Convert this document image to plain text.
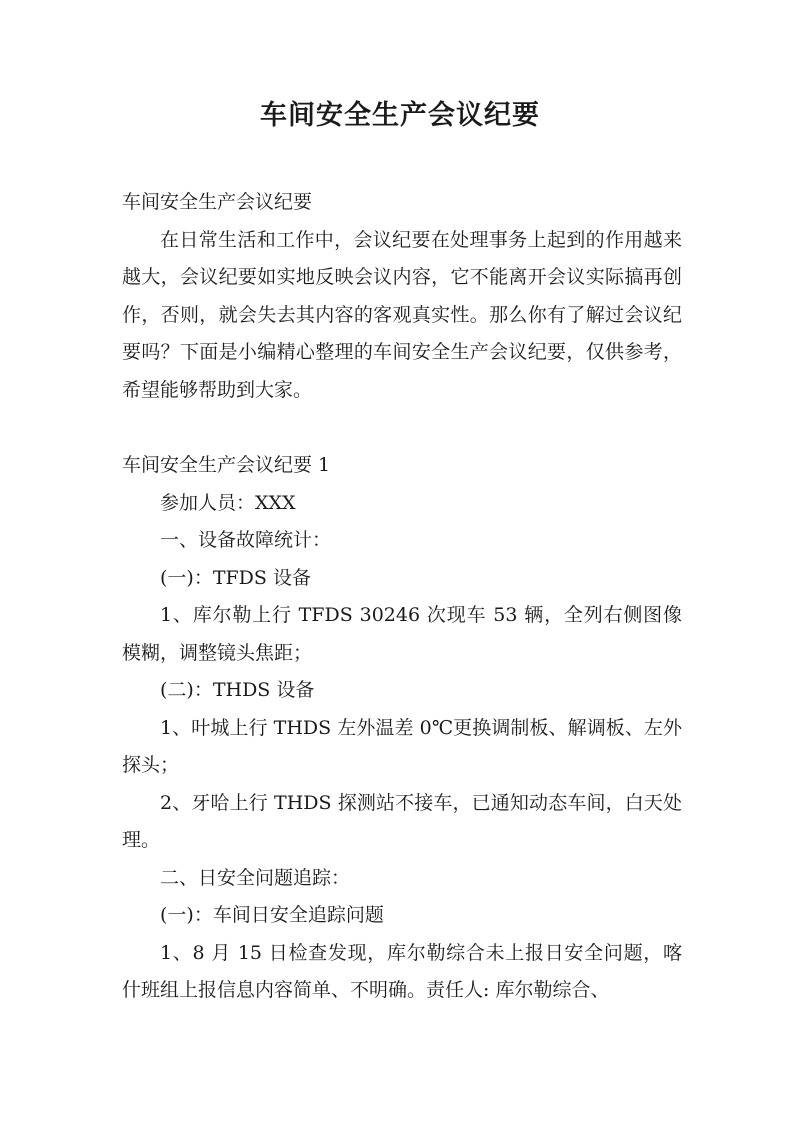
车间安全生产会议纪要

车间安全生产会议纪要

在日常生活和工作中，会议纪要在处理事务上起到的作用越来越大，会议纪要如实地反映会议内容，它不能离开会议实际搞再创作，否则，就会失去其内容的客观真实性。那么你有了解过会议纪要吗？下面是小编精心整理的车间安全生产会议纪要，仅供参考，希望能够帮助到大家。

车间安全生产会议纪要 1

参加人员：XXX

一、设备故障统计：

(一)：TFDS 设备

1、库尔勒上行 TFDS 30246 次现车 53 辆，全列右侧图像模糊，调整镜头焦距；

(二)：THDS 设备

1、叶城上行 THDS 左外温差 0℃更换调制板、解调板、左外探头；

2、牙哈上行 THDS 探测站不接车，已通知动态车间，白天处理。

二、日安全问题追踪：

(一)：车间日安全追踪问题

1、8 月 15 日检查发现，库尔勒综合未上报日安全问题，喀什班组上报信息内容简单、不明确。责任人: 库尔勒综合、
